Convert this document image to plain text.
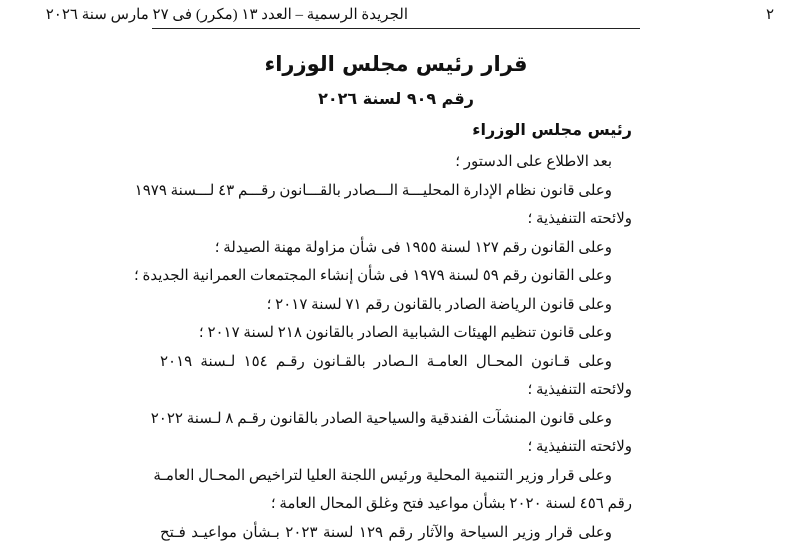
٢
الجريدة الرسمية – العدد ١٣ (مكرر) فى ٢٧ مارس سنة ٢٠٢٦
قرار رئيس مجلس الوزراء
رقم ٩٠٩ لسنة ٢٠٢٦
رئيس مجلس الوزراء
بعد الاطلاع على الدستور ؛
وعلى قانون نظام الإدارة المحليـــة الـــصادر بالقـــانون رقـــم ٤٣ لـــسنة ١٩٧٩
ولائحته التنفيذية ؛
وعلى القانون رقم ١٢٧ لسنة ١٩٥٥ فى شأن مزاولة مهنة الصيدلة ؛
وعلى القانون رقم ٥٩ لسنة ١٩٧٩ فى شأن إنشاء المجتمعات العمرانية الجديدة ؛
وعلى قانون الرياضة الصادر بالقانون رقم ٧١ لسنة ٢٠١٧ ؛
وعلى قانون تنظيم الهيئات الشبابية الصادر بالقانون ٢١٨ لسنة ٢٠١٧ ؛
وعلى قـانون المحـال العامـة الـصادر بالقـانون رقـم ١٥٤ لـسنة ٢٠١٩
ولائحته التنفيذية ؛
وعلى قانون المنشآت الفندقية والسياحية الصادر بالقانون رقـم ٨ لـسنة ٢٠٢٢
ولائحته التنفيذية ؛
وعلى قرار وزير التنمية المحلية ورئيس اللجنة العليا لتراخيص المحـال العامـة
رقم ٤٥٦ لسنة ٢٠٢٠ بشأن مواعيد فتح وغلق المحال العامة ؛
وعلى قرار وزير السياحة والآثار رقم ١٢٩ لسنة ٢٠٢٣ بـشأن مواعيـد فـتح
